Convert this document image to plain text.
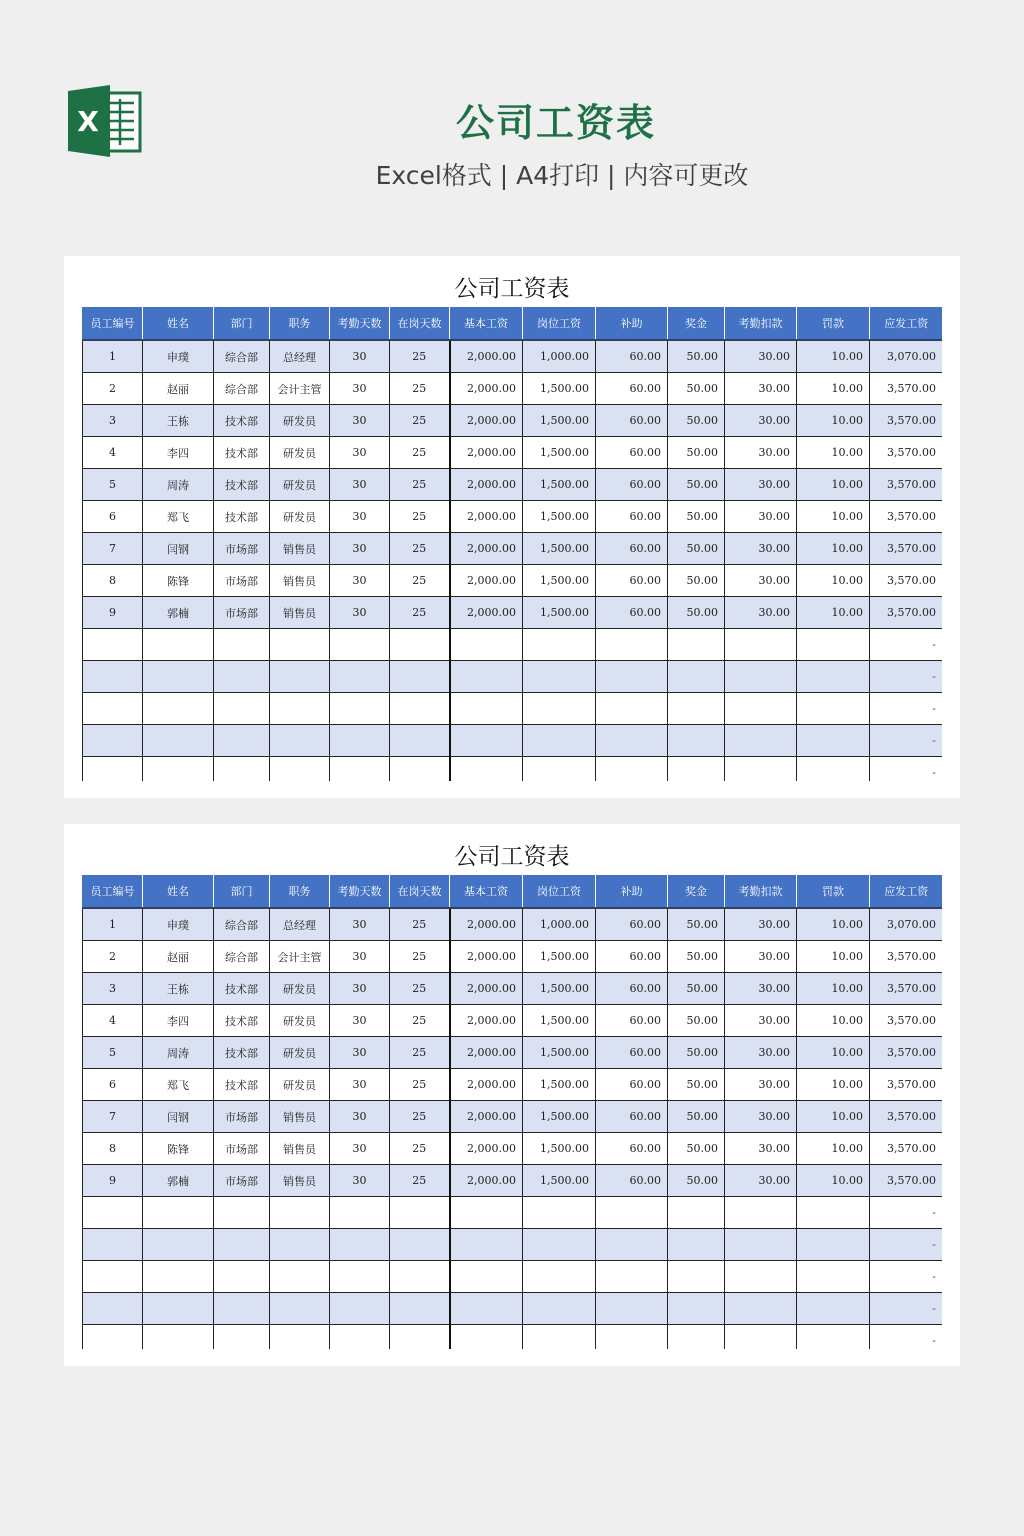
X	公司工资表
Excel格式 | A4打印 | 内容可更改
公司工资表
员工编号	姓名	部门	职务	考勤天数	在岗天数	基本工资	岗位工资	补助	奖金	考勤扣款	罚款	应发工资
1	申璞	综合部	总经理	30	25	2,000.00	1,000.00	60.00	50.00	30.00	10.00	3,070.00
2	赵丽	综合部	会计主管	30	25	2,000.00	1,500.00	60.00	50.00	30.00	10.00	3,570.00
3	王栋	技术部	研发员	30	25	2,000.00	1,500.00	60.00	50.00	30.00	10.00	3,570.00
4	李四	技术部	研发员	30	25	2,000.00	1,500.00	60.00	50.00	30.00	10.00	3,570.00
5	周涛	技术部	研发员	30	25	2,000.00	1,500.00	60.00	50.00	30.00	10.00	3,570.00
6	郑飞	技术部	研发员	30	25	2,000.00	1,500.00	60.00	50.00	30.00	10.00	3,570.00
7	闫钢	市场部	销售员	30	25	2,000.00	1,500.00	60.00	50.00	30.00	10.00	3,570.00
8	陈锋	市场部	销售员	30	25	2,000.00	1,500.00	60.00	50.00	30.00	10.00	3,570.00
9	郭楠	市场部	销售员	30	25	2,000.00	1,500.00	60.00	50.00	30.00	10.00	3,570.00
												-
												-
												-
												-
												-
公司工资表
员工编号	姓名	部门	职务	考勤天数	在岗天数	基本工资	岗位工资	补助	奖金	考勤扣款	罚款	应发工资
1	申璞	综合部	总经理	30	25	2,000.00	1,000.00	60.00	50.00	30.00	10.00	3,070.00
2	赵丽	综合部	会计主管	30	25	2,000.00	1,500.00	60.00	50.00	30.00	10.00	3,570.00
3	王栋	技术部	研发员	30	25	2,000.00	1,500.00	60.00	50.00	30.00	10.00	3,570.00
4	李四	技术部	研发员	30	25	2,000.00	1,500.00	60.00	50.00	30.00	10.00	3,570.00
5	周涛	技术部	研发员	30	25	2,000.00	1,500.00	60.00	50.00	30.00	10.00	3,570.00
6	郑飞	技术部	研发员	30	25	2,000.00	1,500.00	60.00	50.00	30.00	10.00	3,570.00
7	闫钢	市场部	销售员	30	25	2,000.00	1,500.00	60.00	50.00	30.00	10.00	3,570.00
8	陈锋	市场部	销售员	30	25	2,000.00	1,500.00	60.00	50.00	30.00	10.00	3,570.00
9	郭楠	市场部	销售员	30	25	2,000.00	1,500.00	60.00	50.00	30.00	10.00	3,570.00
												-
												-
												-
												-
												-
